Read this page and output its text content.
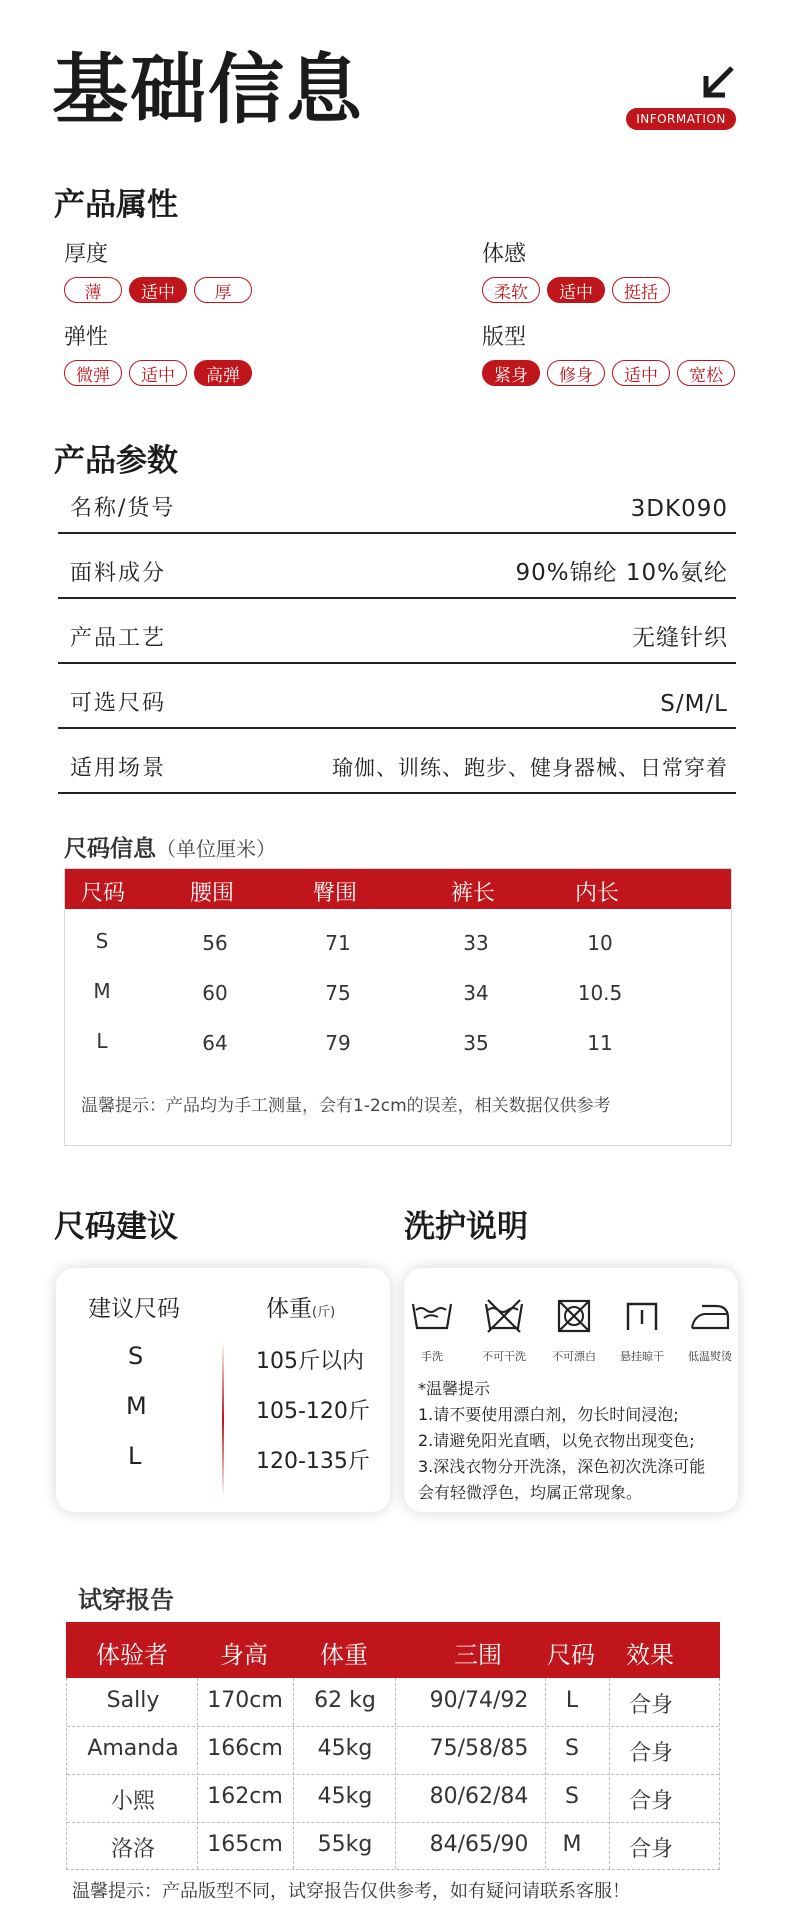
基础信息	INFORMATION
产品属性
厚度
薄	适中	厚
体感
柔软	适中	挺括
弹性
微弹	适中	高弹
版型
紧身	修身	适中	宽松
产品参数
名称/货号	3DK090
面料成分	90%锦纶 10%氨纶
产品工艺	无缝针织
可选尺码	S/M/L
适用场景	瑜伽、训练、跑步、健身器械、日常穿着
尺码信息（单位厘米）
尺码	腰围	臀围	裤长	内长
S	56	71	33	10
M	60	75	34	10.5
L	64	79	35	11
温馨提示：产品均为手工测量，会有1-2cm的误差，相关数据仅供参考
尺码建议
建议尺码	体重(斤)
S	105斤以内
M	105-120斤
L	120-135斤
洗护说明
手洗	不可干洗 不可漂白 悬挂晾干 低温熨烫
*温馨提示
1.请不要使用漂白剂，勿长时间浸泡;
2.请避免阳光直晒，以免衣物出现变色;
3.深浅衣物分开洗涤，深色初次洗涤可能
会有轻微浮色，均属正常现象。
试穿报告
体验者 身高 体重	三围 尺码 效果
Sally 170cm 62 kg 90/74/92 L 合身
Amanda 166cm 45kg	75/58/85 S 合身
小熙 162cm 45kg	80/62/84 S 合身
洛洛 165cm 55kg	84/65/90 M 合身
温馨提示：产品版型不同，试穿报告仅供参考，如有疑问请联系客服！
